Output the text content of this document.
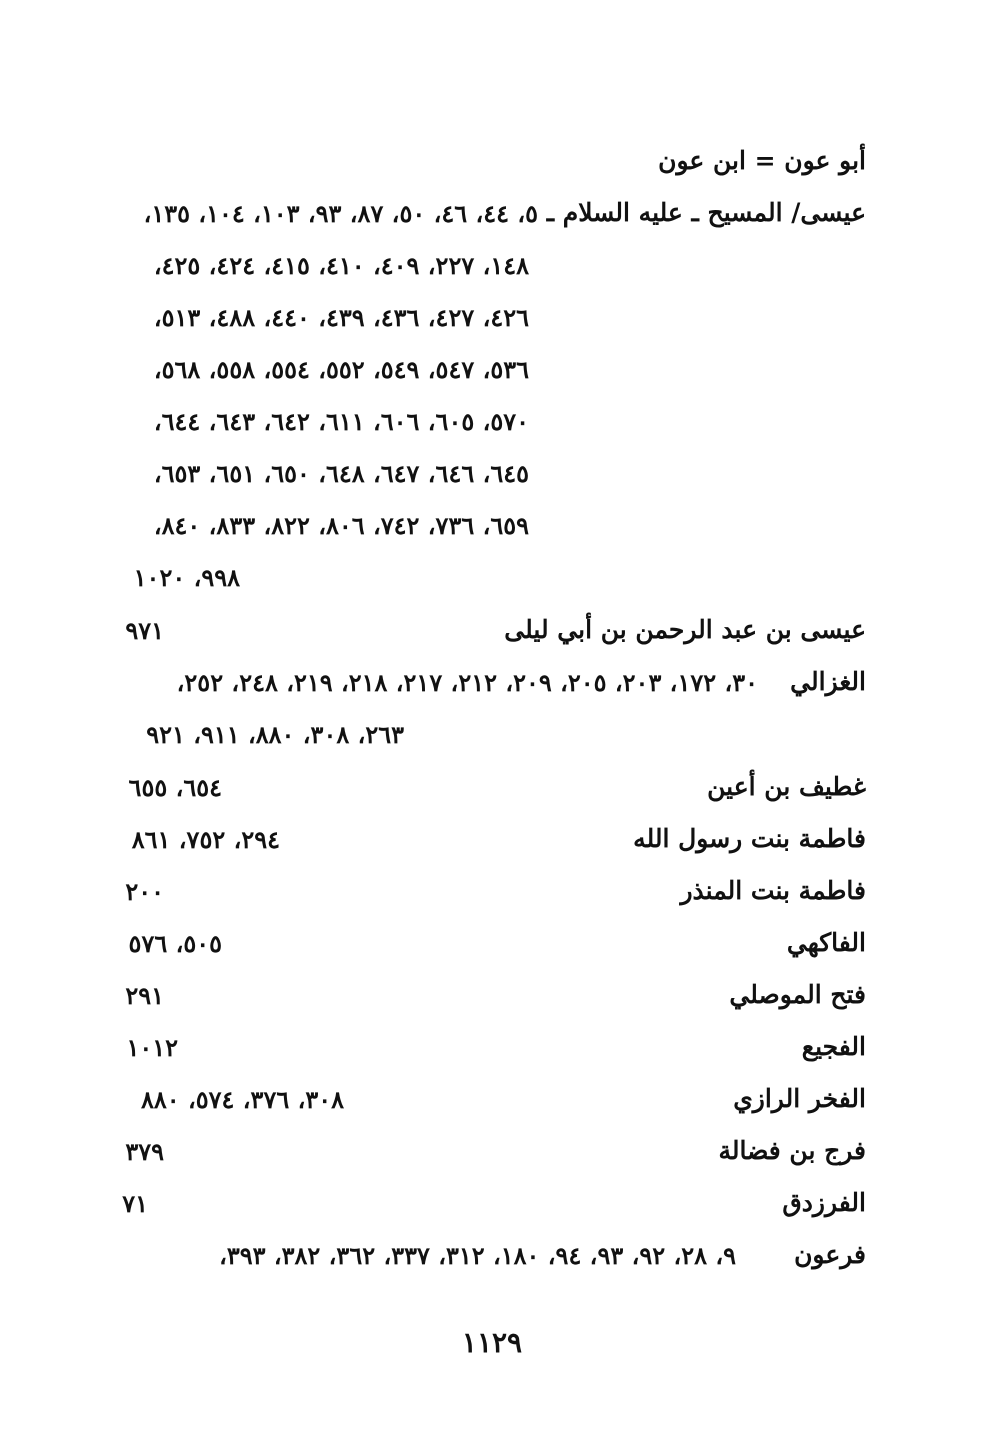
أبو عون = ابن عون
عيسى/ المسيح ـ عليه السلام ـ
٥، ٤٤، ٤٦، ٥٠، ٨٧، ٩٣، ١٠٣، ١٠٤، ١٣٥،
١٤٨، ٢٢٧، ٤٠٩، ٤١٠، ٤١٥، ٤٢٤، ٤٢٥،
٤٢٦، ٤٢٧، ٤٣٦، ٤٣٩، ٤٤٠، ٤٨٨، ٥١٣،
٥٣٦، ٥٤٧، ٥٤٩، ٥٥٢، ٥٥٤، ٥٥٨، ٥٦٨،
٥٧٠، ٦٠٥، ٦٠٦، ٦١١، ٦٤٢، ٦٤٣، ٦٤٤،
٦٤٥، ٦٤٦، ٦٤٧، ٦٤٨، ٦٥٠، ٦٥١، ٦٥٣،
٦٥٩، ٧٣٦، ٧٤٢، ٨٠٦، ٨٢٢، ٨٣٣، ٨٤٠،
٩٩٨، ١٠٢٠
عيسى بن عبد الرحمن بن أبي ليلى
٩٧١
الغزالي
٣٠، ١٧٢، ٢٠٣، ٢٠٥، ٢٠٩، ٢١٢، ٢١٧، ٢١٨، ٢١٩، ٢٤٨، ٢٥٢،
٢٦٣، ٣٠٨، ٨٨٠، ٩١١، ٩٢١
غطيف بن أعين
٦٥٤، ٦٥٥
فاطمة بنت رسول الله
٢٩٤، ٧٥٢، ٨٦١
فاطمة بنت المنذر
٢٠٠
الفاكهي
٥٠٥، ٥٧٦
فتح الموصلي
٢٩١
الفجيع
١٠١٢
الفخر الرازي
٣٠٨، ٣٧٦، ٥٧٤، ٨٨٠
فرج بن فضالة
٣٧٩
الفرزدق
٧١
فرعون
٩، ٢٨، ٩٢، ٩٣، ٩٤، ١٨٠، ٣١٢، ٣٣٧، ٣٦٢، ٣٨٢، ٣٩٣،
١١٢٩
